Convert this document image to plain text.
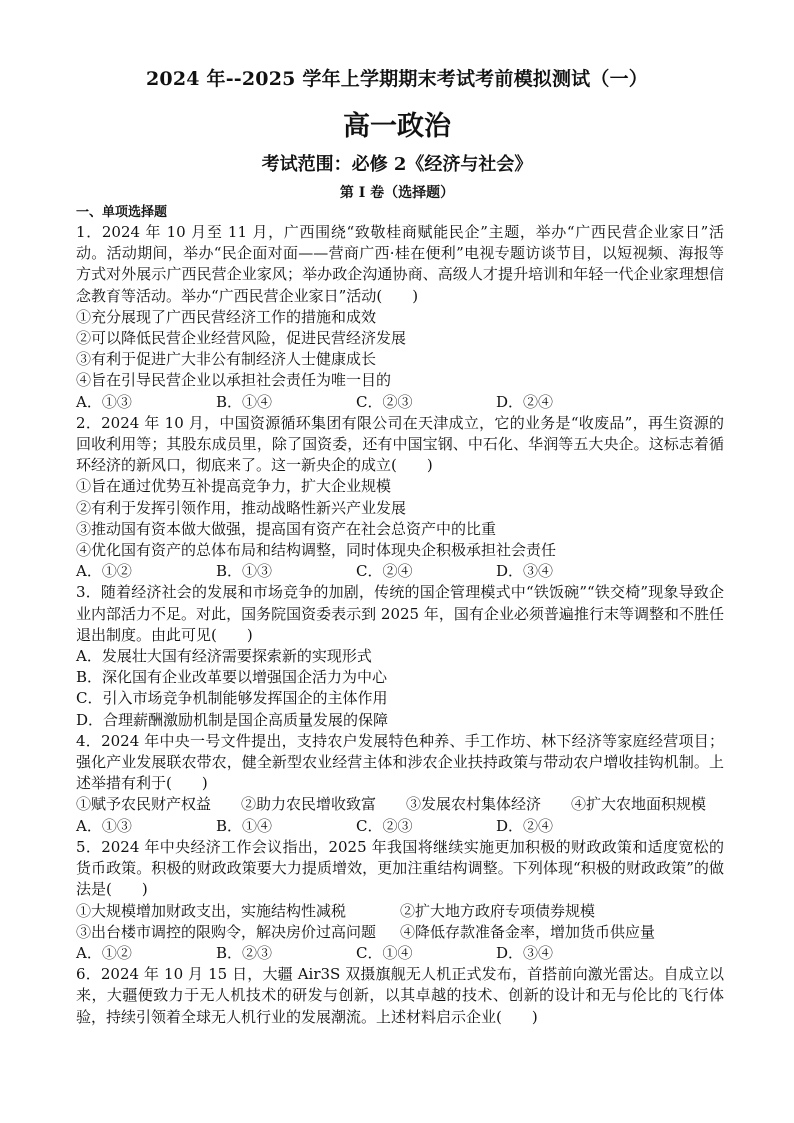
2024 年--2025 学年上学期期末考试考前模拟测试（一）
高一政治
考试范围：必修 2《经济与社会》
第 I 卷（选择题）
一、单项选择题

1．2024 年 10 月至 11 月，广西围绕“致敬桂商赋能民企”主题，举办“广西民营企业家日”活动。活动期间，举办“民企面对面——营商广西·桂在便利”电视专题访谈节目，以短视频、海报等方式对外展示广西民营企业家风；举办政企沟通协商、高级人才提升培训和年轻一代企业家理想信念教育等活动。举办“广西民营企业家日”活动(　　)

①充分展现了广西民营经济工作的措施和成效

②可以降低民营企业经营风险，促进民营经济发展

③有利于促进广大非公有制经济人士健康成长

④旨在引导民营企业以承担社会责任为唯一目的

A．①③	B．①④	C．②③	D．②④

2．2024 年 10 月，中国资源循环集团有限公司在天津成立，它的业务是“收废品”，再生资源的回收利用等；其股东成员里，除了国资委，还有中国宝钢、中石化、华润等五大央企。这标志着循环经济的新风口，彻底来了。这一新央企的成立(　　)

①旨在通过优势互补提高竞争力，扩大企业规模

②有利于发挥引领作用，推动战略性新兴产业发展

③推动国有资本做大做强，提高国有资产在社会总资产中的比重

④优化国有资产的总体布局和结构调整，同时体现央企积极承担社会责任

A．①②	B．①③	C．②④	D．③④

3．随着经济社会的发展和市场竞争的加剧，传统的国企管理模式中“铁饭碗”“铁交椅”现象导致企业内部活力不足。对此，国务院国资委表示到 2025 年，国有企业必须普遍推行末等调整和不胜任退出制度。由此可见(　　)

A．发展壮大国有经济需要探索新的实现形式

B．深化国有企业改革要以增强国企活力为中心

C．引入市场竞争机制能够发挥国企的主体作用

D．合理薪酬激励机制是国企高质量发展的保障

4．2024 年中央一号文件提出，支持农户发展特色种养、手工作坊、林下经济等家庭经营项目；强化产业发展联农带农，健全新型农业经营主体和涉农企业扶持政策与带动农户增收挂钩机制。上述举措有利于(　　)

①赋予农民财产权益 ②助力农民增收致富 ③发展农村集体经济 ④扩大农地面积规模

A．①③	B．①④	C．②③	D．②④

5．2024 年中央经济工作会议指出，2025 年我国将继续实施更加积极的财政政策和适度宽松的货币政策。积极的财政政策要大力提质增效，更加注重结构调整。下列体现“积极的财政政策”的做法是(　　)

①大规模增加财政支出，实施结构性减税	②扩大地方政府专项债券规模
③出台楼市调控的限购令，解决房价过高问题	④降低存款准备金率，增加货币供应量
A．①②	B．②③	C．①④	D．③④

6．2024 年 10 月 15 日，大疆 Air3S 双摄旗舰无人机正式发布，首搭前向激光雷达。自成立以来，大疆便致力于无人机技术的研发与创新，以其卓越的技术、创新的设计和无与伦比的飞行体验，持续引领着全球无人机行业的发展潮流。上述材料启示企业(　　)
